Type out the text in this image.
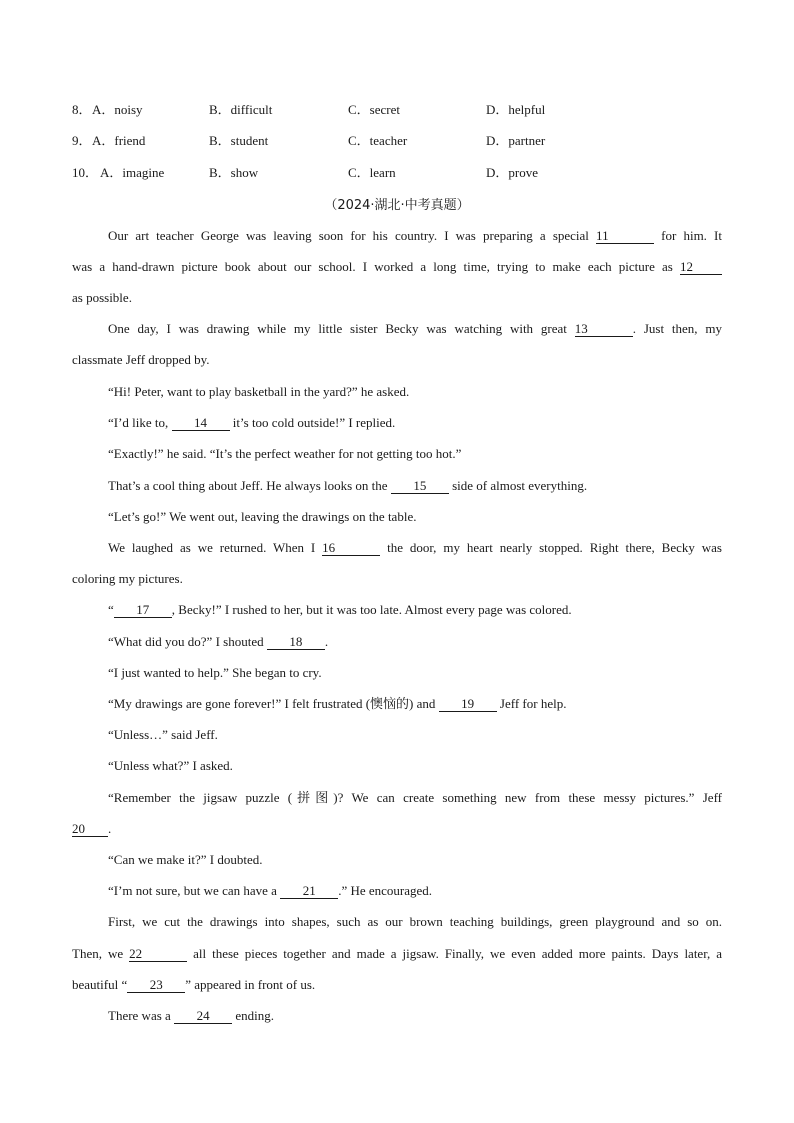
8． A．noisy	B．difficult	C．secret	D．helpful
9． A．friend	B．student	C．teacher	D．partner
10． A．imagine	B．show	C．learn	D．prove
（2024·湖北·中考真题）
Our art teacher George was leaving soon for his country. I was preparing a special 11	for him. It
was a hand-drawn picture book about our school. I worked a long time, trying to make each picture as 12
as possible.
One day, I was drawing while my little sister Becky was watching with great 13	. Just then, my
classmate Jeff dropped by.
“Hi! Peter, want to play basketball in the yard?” he asked.
“I’d like to, 14 it’s too cold outside!” I replied.
“Exactly!” he said. “It’s the perfect weather for not getting too hot.”
That’s a cool thing about Jeff. He always looks on the 15 side of almost everything.
“Let’s go!” We went out, leaving the drawings on the table.
We laughed as we returned. When I 16	the door, my heart nearly stopped. Right there, Becky was
coloring my pictures.
“ 17 , Becky!” I rushed to her, but it was too late. Almost every page was colored.
“What did you do?” I shouted 18 .
“I just wanted to help.” She began to cry.
“My drawings are gone forever!” I felt frustrated (懊恼的) and 19 Jeff for help.
“Unless…” said Jeff.
“Unless what?” I asked.
“Remember the jigsaw puzzle (拼图)? We can create something new from these messy pictures.” Jeff
20 .
“Can we make it?” I doubted.
“I’m not sure, but we can have a 21 .” He encouraged.
First, we cut the drawings into shapes, such as our brown teaching buildings, green playground and so on.
Then, we 22	all these pieces together and made a jigsaw. Finally, we even added more paints. Days later, a
beautiful “ 23 ” appeared in front of us.
There was a 24 ending.
